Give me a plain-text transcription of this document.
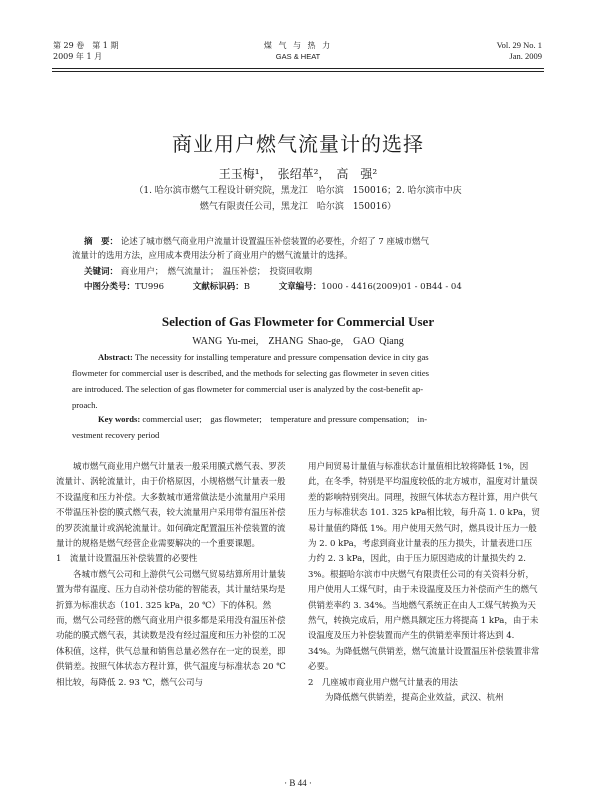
第 29 卷　第 1 期
2009 年 1 月
煤 气 与 热 力
GAS & HEAT
Vol. 29 No. 1
Jan. 2009
商业用户燃气流量计的选择
王玉梅¹，　张绍革²，　高　强²
（1. 哈尔滨市燃气工程设计研究院，黑龙江　哈尔滨　150016；2. 哈尔滨市中庆
燃气有限责任公司，黑龙江　哈尔滨　150016）
摘　要： 论述了城市燃气商业用户流量计设置温压补偿装置的必要性，介绍了 7 座城市燃气
流量计的选用方法，应用成本费用法分析了商业用户的燃气流量计的选择。
关键词： 商业用户；　燃气流量计；　温压补偿；　投资回收期
中图分类号：TU996	文献标识码：B	文章编号：1000 - 4416(2009)01 - 0B44 - 04
Selection of Gas Flowmeter for Commercial User
WANG Yu-mei,　ZHANG Shao-ge,　GAO Qiang
Abstract: The necessity for installing temperature and pressure compensation device in city gas
flowmeter for commercial user is described, and the methods for selecting gas flowmeter in seven cities
are introduced. The selection of gas flowmeter for commercial user is analyzed by the cost-benefit ap-
proach.
Key words: commercial user;　gas flowmeter;　temperature and pressure compensation;　in-
vestment recovery period

城市燃气商业用户燃气计量表一般采用膜式燃气表、罗茨流量计、涡轮流量计，由于价格原因，小规格燃气计量表一般不设温度和压力补偿。大多数城市通常做法是小流量用户采用不带温压补偿的膜式燃气表，较大流量用户采用带有温压补偿的罗茨流量计或涡轮流量计。如何确定配置温压补偿装置的流量计的规格是燃气经营企业需要解决的一个重要课题。

1　流量计设置温压补偿装置的必要性

各城市燃气公司和上游供气公司燃气贸易结算所用计量装置为带有温度、压力自动补偿功能的智能表，其计量结果均是折算为标准状态（101. 325 kPa，20 ℃）下的体积。然而，燃气公司经营的燃气商业用户很多都是采用没有温压补偿功能的膜式燃气表，其读数是没有经过温度和压力补偿的工况体积值，这样，供气总量和销售总量必然存在一定的误差，即供销差。按照气体状态方程计算，供气温度与标准状态 20 ℃相比较，每降低 2. 93 ℃，燃气公司与

用户间贸易计量值与标准状态计量值相比较将降低 1%，因此，在冬季，特别是平均温度较低的北方城市，温度对计量误差的影响特别突出。同理，按照气体状态方程计算，用户供气压力与标准状态 101. 325 kPa相比较，每升高 1. 0 kPa，贸易计量值约降低 1%。用户使用天然气时，燃具设计压力一般为 2. 0 kPa，考虑到商业计量表的压力损失，计量表进口压力约 2. 3 kPa，因此，由于压力原因造成的计量损失约 2. 3%。根据哈尔滨市中庆燃气有限责任公司的有关资料分析，用户使用人工煤气时，由于未设温度及压力补偿而产生的燃气供销差率约 3. 34%。当地燃气系统正在由人工煤气转换为天然气，转换完成后，用户燃具额定压力将提高 1 kPa，由于未设温度及压力补偿装置而产生的供销差率预计将达到 4. 34%。为降低燃气供销差，燃气流量计设置温压补偿装置非常必要。

2　几座城市商业用户燃气计量表的用法

为降低燃气供销差，提高企业效益，武汉、杭州

· B 44 ·
